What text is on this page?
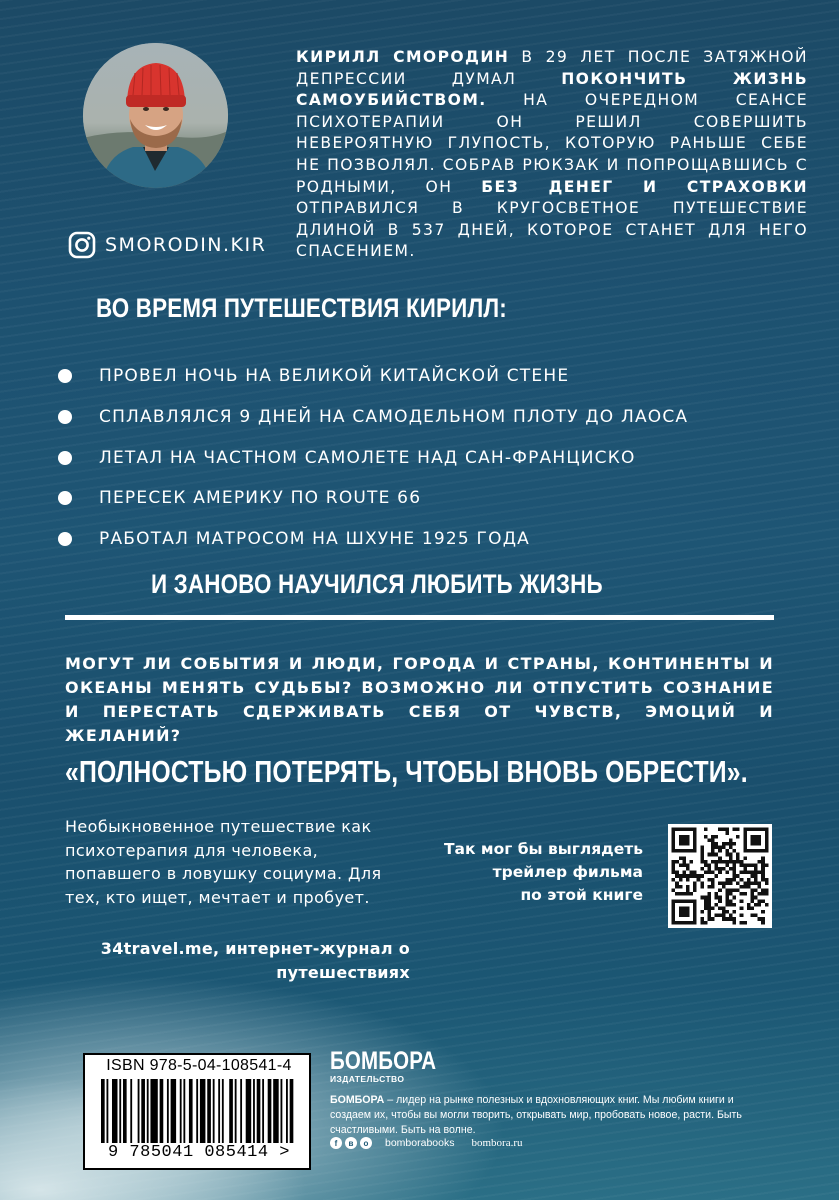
SMORODIN.KIR
КИРИЛЛ СМОРОДИН В 29 ЛЕТ ПОСЛЕ ЗАТЯЖНОЙ ДЕПРЕССИИ ДУМАЛ ПОКОНЧИТЬ ЖИЗНЬ САМОУБИЙСТВОМ. НА ОЧЕРЕДНОМ СЕАНСЕ ПСИХОТЕРАПИИ ОН РЕШИЛ СОВЕРШИТЬ НЕВЕРОЯТНУЮ ГЛУПОСТЬ, КОТОРУЮ РАНЬШЕ СЕБЕ НЕ ПОЗВОЛЯЛ. СОБРАВ РЮКЗАК И ПОПРОЩАВШИСЬ С РОДНЫМИ, ОН БЕЗ ДЕНЕГ И СТРАХОВКИ ОТПРАВИЛСЯ В КРУГОСВЕТНОЕ ПУТЕШЕСТВИЕ ДЛИНОЙ В 537 ДНЕЙ, КОТОРОЕ СТАНЕТ ДЛЯ НЕГО СПАСЕНИЕМ.
ВО ВРЕМЯ ПУТЕШЕСТВИЯ КИРИЛЛ:
ПРОВЕЛ НОЧЬ НА ВЕЛИКОЙ КИТАЙСКОЙ СТЕНЕ
СПЛАВЛЯЛСЯ 9 ДНЕЙ НА САМОДЕЛЬНОМ ПЛОТУ ДО ЛАОСА
ЛЕТАЛ НА ЧАСТНОМ САМОЛЕТЕ НАД САН-ФРАНЦИСКО
ПЕРЕСЕК АМЕРИКУ ПО ROUTE 66
РАБОТАЛ МАТРОСОМ НА ШХУНЕ 1925 ГОДА
И ЗАНОВО НАУЧИЛСЯ ЛЮБИТЬ ЖИЗНЬ
МОГУТ ЛИ СОБЫТИЯ И ЛЮДИ, ГОРОДА И СТРАНЫ, КОНТИНЕНТЫ И ОКЕАНЫ МЕНЯТЬ СУДЬБЫ? ВОЗМОЖНО ЛИ ОТПУСТИТЬ СОЗНАНИЕ И ПЕРЕСТАТЬ СДЕРЖИВАТЬ СЕБЯ ОТ ЧУВСТВ, ЭМОЦИЙ И ЖЕЛАНИЙ?
«ПОЛНОСТЬЮ ПОТЕРЯТЬ, ЧТОБЫ ВНОВЬ ОБРЕСТИ».
Необыкновенное путешествие как психотерапия для человека, попавшего в ловушку социума. Для тех, кто ищет, мечтает и пробует.
34travel.me, интернет-журнал о путешествиях
Так мог бы выглядеть
трейлер фильма
по этой книге
ISBN 978-5-04-108541-4
9 785041 085414 >
БОМБОРА
ИЗДАТЕЛЬСТВО
БОМБОРА – лидер на рынке полезных и вдохновляющих книг. Мы любим книги и создаем их, чтобы вы могли творить, открывать мир, пробовать новое, расти. Быть счастливыми. Быть на волне.
f	в	о	bomborabooks bombora.ru
